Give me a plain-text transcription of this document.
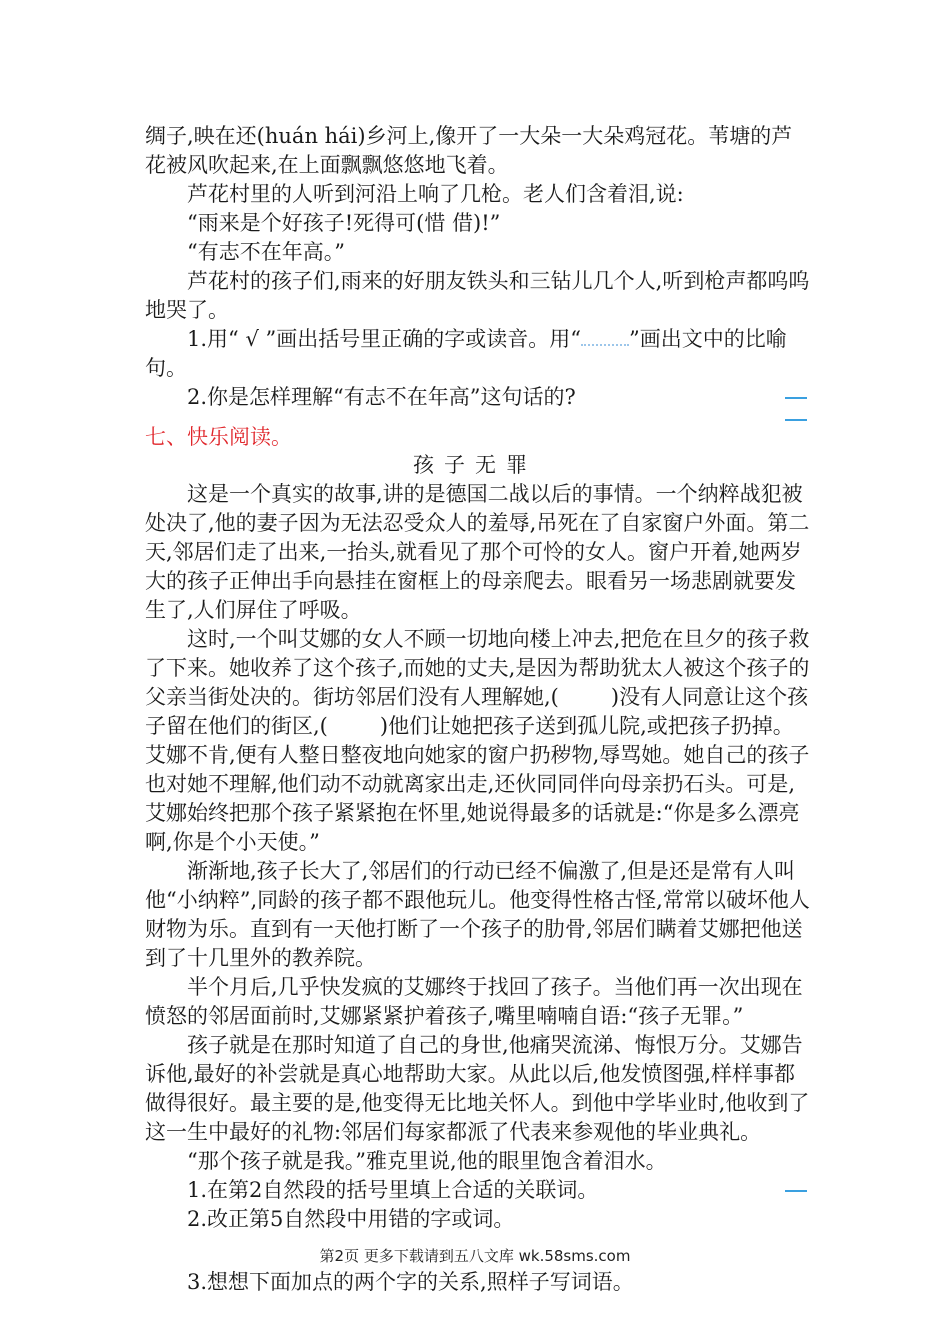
绸子,映在还(huán hái)乡河上,像开了一大朵一大朵鸡冠花。苇塘的芦花被风吹起来,在上面飘飘悠悠地飞着。

芦花村里的人听到河沿上响了几枪。老人们含着泪,说:

“雨来是个好孩子!死得可(惜 借)!”

“有志不在年高。”

芦花村的孩子们,雨来的好朋友铁头和三钻儿几个人,听到枪声都呜呜地哭了。

1.用“ √ ”画出括号里正确的字或读音。用“ ”画出文中的比喻句。

2.你是怎样理解“有志不在年高”这句话的?

七、快乐阅读。
孩子无罪

这是一个真实的故事,讲的是德国二战以后的事情。一个纳粹战犯被处决了,他的妻子因为无法忍受众人的羞辱,吊死在了自家窗户外面。第二天,邻居们走了出来,一抬头,就看见了那个可怜的女人。窗户开着,她两岁大的孩子正伸出手向悬挂在窗框上的母亲爬去。眼看另一场悲剧就要发生了,人们屏住了呼吸。

这时,一个叫艾娜的女人不顾一切地向楼上冲去,把危在旦夕的孩子救了下来。她收养了这个孩子,而她的丈夫,是因为帮助犹太人被这个孩子的父亲当街处决的。街坊邻居们没有人理解她,( )没有人同意让这个孩子留在他们的街区,( )他们让她把孩子送到孤儿院,或把孩子扔掉。艾娜不肯,便有人整日整夜地向她家的窗户扔秽物,辱骂她。她自己的孩子也对她不理解,他们动不动就离家出走,还伙同同伴向母亲扔石头。可是,艾娜始终把那个孩子紧紧抱在怀里,她说得最多的话就是:“你是多么漂亮啊,你是个小天使。”

渐渐地,孩子长大了,邻居们的行动已经不偏激了,但是还是常有人叫他“小纳粹”,同龄的孩子都不跟他玩儿。他变得性格古怪,常常以破坏他人财物为乐。直到有一天他打断了一个孩子的肋骨,邻居们瞒着艾娜把他送到了十几里外的教养院。

半个月后,几乎快发疯的艾娜终于找回了孩子。当他们再一次出现在愤怒的邻居面前时,艾娜紧紧护着孩子,嘴里喃喃自语:“孩子无罪。”

孩子就是在那时知道了自己的身世,他痛哭流涕、悔恨万分。艾娜告诉他,最好的补尝就是真心地帮助大家。从此以后,他发愤图强,样样事都做得很好。最主要的是,他变得无比地关怀人。到他中学毕业时,他收到了这一生中最好的礼物:邻居们每家都派了代表来参观他的毕业典礼。

“那个孩子就是我。”雅克里说,他的眼里饱含着泪水。

1.在第2自然段的括号里填上合适的关联词。

2.改正第5自然段中用错的字或词。

3.想想下面加点的两个字的关系,照样子写词语。

第2页 更多下载请到五八文库 wk.58sms.com
